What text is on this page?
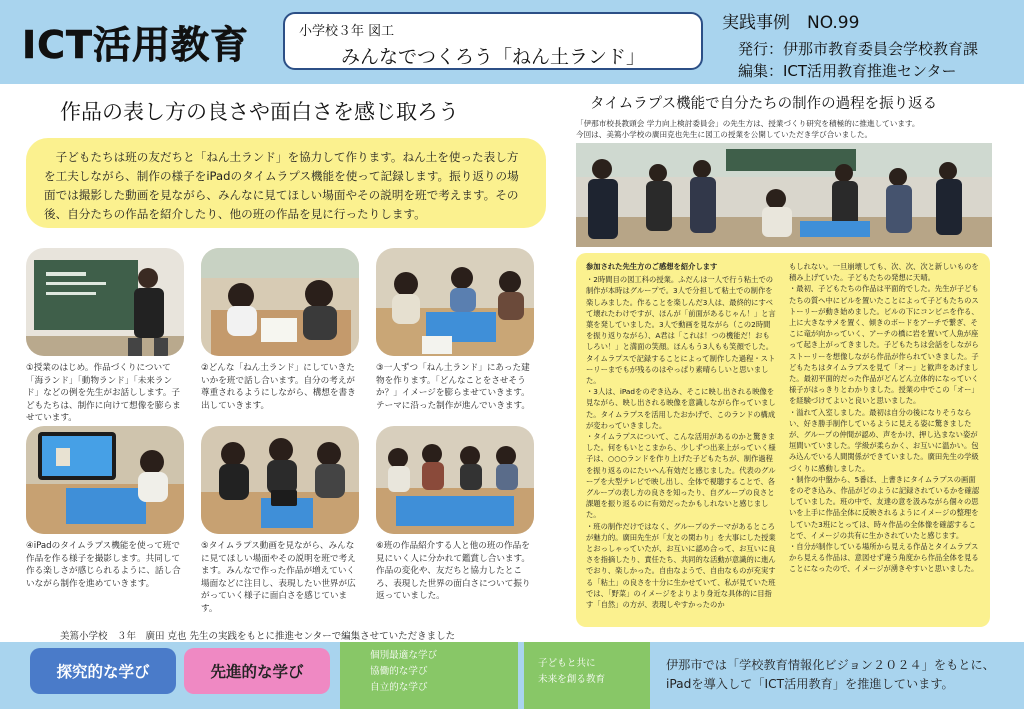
ICT活用教育	小学校３年 図工
みんなでつくろう「ねん土ランド」
実践事例　NO.99
発行：伊那市教育委員会学校教育課
編集：ICT活用教育推進センター
作品の表し方の良さや面白さを感じ取ろう
　子どもたちは班の友だちと「ねん土ランド」を協力して作ります。ねん土を使った表し方を工夫しながら、制作の様子をiPadのタイムラプス機能を使って記録します。振り返りの場面では撮影した動画を見ながら、みんなに見てほしい場面やその説明を班で考えます。その後、自分たちの作品を紹介したり、他の班の作品を見に行ったりします。
①授業のはじめ。作品づくりについて「海ランド」「動物ランド」「未来ランド」などの例を先生がお話しします。子どもたちは、制作に向けて想像を膨らませています。
②どんな「ねん土ランド」にしていきたいかを班で話し合います。自分の考えが尊重されるようにしながら、構想を書き出していきます。
③一人ずつ「ねん土ランド」にあった建物を作ります。「どんなことをさせそうか？」イメージを膨らませていきます。テーマに沿った制作が進んでいきます。
④iPadのタイムラプス機能を使って班で作品を作る様子を撮影します。共同して作る楽しさが感じられるように、話し合いながら制作を進めていきます。
⑤タイムラプス動画を見ながら、みんなに見てほしい場面やその説明を班で考えます。みんなで作った作品が増えていく場面などに注目し、表現したい世界が広がっていく様子に面白さを感じています。
⑥班の作品紹介する人と他の班の作品を見にいく人に分かれて鑑賞し合います。作品の変化や、友だちと協力したところ、表現した世界の面白さについて振り返っていました。
美篶小学校　３年　廣田 克也 先生の実践をもとに推進センターで編集させていただきました
タイムラプス機能で自分たちの制作の過程を振り返る
「伊那市校長教頭会 学力向上検討委員会」の先生方は、授業づくり研究を積極的に推進しています。
今回は、美篶小学校の廣田克也先生に図工の授業を公開していただき学び合いました。
参加された先生方のご感想を紹介します

・2時間目の図工科の授業。ふだんは一人で行う粘土での制作が本時はグループで。3人で分担して粘土での制作を楽しみました。作ることを楽しんだ3人は、最終的にすべて壊れたわけですが、ほんが「前面があるじゃん！」と言葉を発していました。3人で動画を見ながら（この2時間を振り返りながら）、A君は「これは！つの機能だ！おもしろい！」と満面の笑顔。ほんもう3人もも笑顔でした。タイムラプスで記録することによって制作した過程・ストーリーまでもが残るのはやっぱり素晴らしいと思いました。
・3人は、iPadをのぞき込み、そこに映し出される映像を見ながら、映し出される映像を意識しながら作っていました。タイムラプスを活用したおかげで、このランドの構成が変わっていきました。
・タイムラプスについて、こんな活用があるのかと驚きました。何をもいとこまから、少しずつ出来上がっていく様子は、○○○ランドを作り上げた子どもたちが、制作過程を振り返るのにたいへん有効だと感じました。代表のグループを大型テレビで映し出し、全体で視聴することで、各グループの表し方の良さを知ったり、自グループの良さと課題を振り返るのに有効だったかもしれないと感じました。
・班の制作だけではなく、グループのテーマがあるところが魅力的。廣田先生が「友との関わり」を大事にした授業とおっしゃっていたが、お互いに認め合って、お互いに良さを指摘したり、責任たち、共同的な活動が意識的に進んでおり、楽しかった。自由なようで、自由なものが充実する「粘土」の良さを十分に生かせていて、私が見ていた班では、「野菜」のイメージをよりより身近な具体的に目指す「自然」の方が、表現しやすかったのか

もしれない。一旦崩壊しても、次、次、次と新しいものを積み上げていた。子どもたちの発想に天晴。
・最初、子どもたちの作品は平面的でした。先生が子どもたちの質へ中にビルを置いたことによって子どもたちのストーリーが動き始めました。ビルの下にコンビニを作る、上に大きなサメを置く、傾きのボードをアーチで繋ぎ、そこに竜が向かっていく、アーチの橋に岩を置いて人魚が座って起き上がってきました。子どもたちは会話をしながらストーリーを想像しながら作品が作られていきました。子どもたちはタイムラプスを見て「オー」と歓声をあげました。最初平面的だった作品がどんどん立体的になっていく様子がはっきりとわかりました。授業の中でこの「オー」を経験づけてよいと良いと思いました。
・溢れて入室しました。最初は自分の後になりそうならい、好き勝手制作しているように見える姿に驚きましたが、グループの仲間が認め、声をかけ、押し込まない姿が垣間いていました。学級が柔らかく、お互いに温かい。包み込んでいる人間関係ができていました。廣田先生の学級づくりに感動しました。
・制作の中盤から、5番ほ、上書きにタイムラプスの画面をのぞき込み、作品がどのように記録されているかを確認していました。班の中で、友達の意を汲みながら個々の思いを上手に作品全体に反映されるようにイメージの整理をしていた3班にとっては、時々作品の全体像を確認することで、イメージの共有に生かされていたと感じます。
・自分が制作している場所から見える作品とタイムラプスから見える作品は、意図せず違う角度から作品全体を見ることになったので、イメージが湧きやすいと思いました。

探究的な学び	先進的な学び
個別最適な学び
協働的な学び
自立的な学び
子どもと共に
未来を創る教育
伊那市では「学校教育情報化ビジョン２０２４」をもとに、
iPadを導入して「ICT活用教育」を推進しています。
